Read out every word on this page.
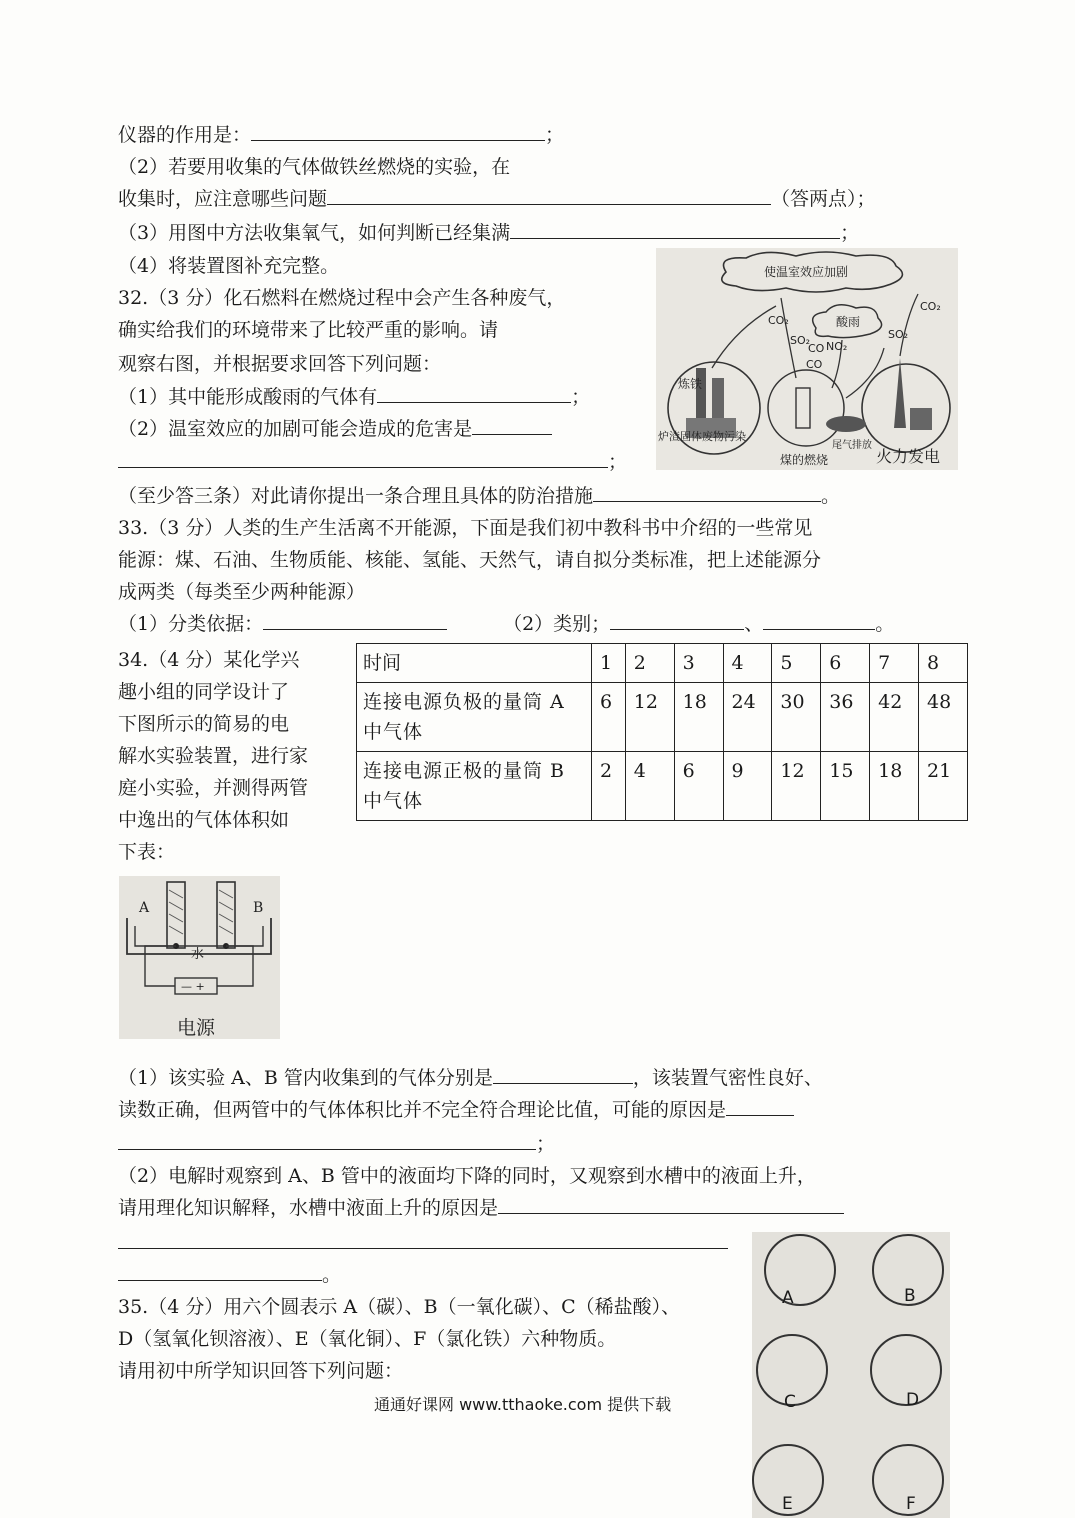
仪器的作用是：	；
（2）若要用收集的气体做铁丝燃烧的实验，在
收集时，应注意哪些问题	（答两点）；
（3）用图中方法收集氧气，如何判断已经集满	；
（4）将装置图补充完整。
32.（3 分）化石燃料在燃烧过程中会产生各种废气，
确实给我们的环境带来了比较严重的影响。请
观察右图，并根据要求回答下列问题：
（1）其中能形成酸雨的气体有	；
（2）温室效应的加剧可能会造成的危害是
；
（至少答三条）对此请你提出一条合理且具体的防治措施	。
使温室效应加剧
酸雨
CO₂
SO₂ NO₂
CO
CO
SO₂
CO₂
炼铁
炉渣固体废物污染
煤的燃烧
尾气排放
火力发电
33.（3 分）人类的生产生活离不开能源，下面是我们初中教科书中介绍的一些常见
能源：煤、石油、生物质能、核能、氢能、天然气，请自拟分类标准，把上述能源分
成两类（每类至少两种能源）
（1）分类依据：	（2）类别；	、	。
34.（4 分）某化学兴
趣小组的同学设计了
下图所示的简易的电
解水实验装置，进行家
庭小实验，并测得两管
中逸出的气体体积如
下表：
时间	1	2	3	4	5	6	7	8
连接电源负极的量筒 A 中气体	6	12	18	24	30	36	42	48
连接电源正极的量筒 B 中气体	2	4	6	9	12	15	18	21
A	B
水
— +
电源
（1）该实验 A、B 管内收集到的气体分别是	，该装置气密性良好、
读数正确，但两管中的气体体积比并不完全符合理论比值，可能的原因是
；
（2）电解时观察到 A、B 管中的液面均下降的同时，又观察到水槽中的液面上升，
请用理化知识解释，水槽中液面上升的原因是
。
35.（4 分）用六个圆表示 A（碳）、B（一氧化碳）、C（稀盐酸）、
D（氢氧化钡溶液）、E（氧化铜）、F（氯化铁）六种物质。
请用初中所学知识回答下列问题：
A	B
C	D
E	F
通通好课网 www.tthaoke.com 提供下载
